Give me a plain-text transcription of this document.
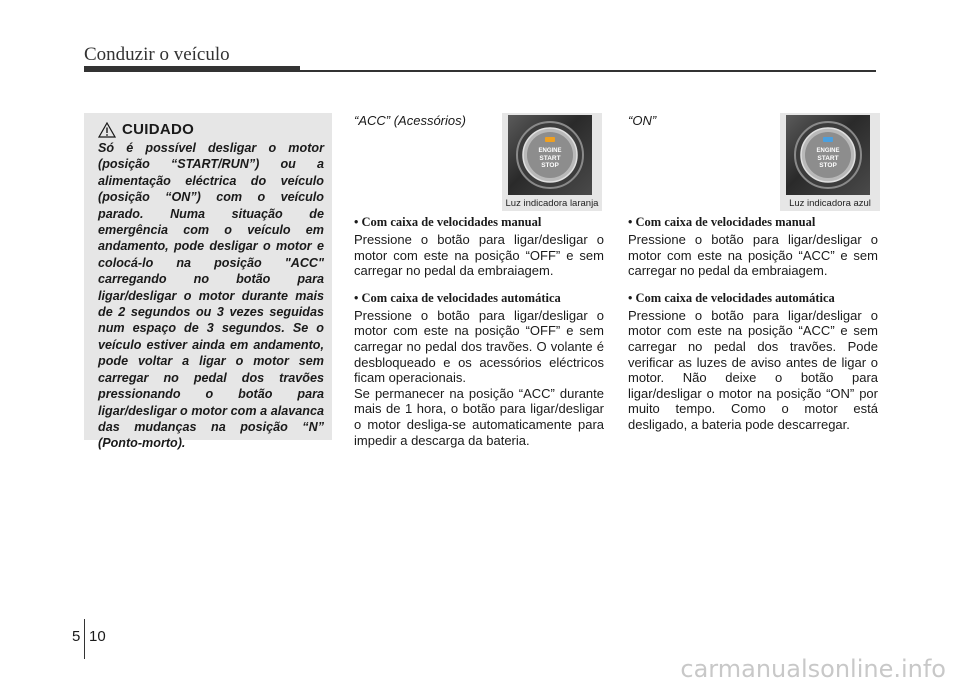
Conduzir o veículo
CUIDADO
Só é possível desligar o motor (posição “START/RUN”) ou a alimentação eléctrica do veículo (posição “ON”) com o veículo parado. Numa situação de emergência com o veículo em andamento, pode desligar o motor e colocá-lo na posição "ACC" carregando no botão para ligar/desligar o motor durante mais de 2 segundos ou 3 vezes seguidas num espaço de 3 segundos. Se o veículo estiver ainda em andamento, pode voltar a ligar o motor sem carregar no pedal dos travões pressionando o botão para ligar/desligar o motor com a alavanca das mudanças na posição “N” (Ponto-morto).
“ACC” (Acessórios)
ENGINE
START
STOP
Luz indicadora laranja

• Com caixa de velocidades manual

Pressione o botão para ligar/desligar o motor com este na posição “OFF” e sem carregar no pedal da embraiagem.

• Com caixa de velocidades automática

Pressione o botão para ligar/desligar o motor com este na posição “OFF” e sem carregar no pedal dos travões. O volante é desbloqueado e os acessórios eléctricos ficam operacionais.

Se permanecer na posição “ACC” durante mais de 1 hora, o botão para ligar/desligar o motor desliga-se automaticamente para impedir a descarga da bateria.

“ON”
ENGINE
START
STOP
Luz indicadora azul

• Com caixa de velocidades manual

Pressione o botão para ligar/desligar o motor com este na posição “ACC” e sem carregar no pedal da embraiagem.

• Com caixa de velocidades automática

Pressione o botão para ligar/desligar o motor com este na posição “ACC” e sem carregar no pedal dos travões. Pode verificar as luzes de aviso antes de ligar o motor. Não deixe o botão para ligar/desligar o motor na posição “ON” por muito tempo. Como o motor está desligado, a bateria pode descarregar.

5 10
carmanualsonline.info
